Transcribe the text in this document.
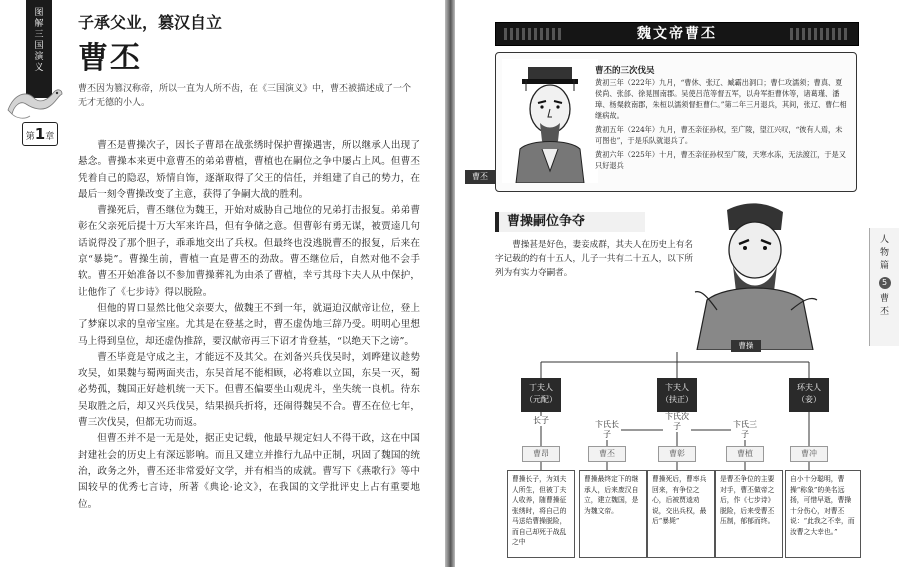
图
解
三
国
演
义
第1章
子承父业，篡汉自立
曹丕
曹丕因为篡汉称帝，所以一直为人所不齿，在《三国演义》中，曹丕被描述成了一个无才无德的小人。

曹丕是曹操次子，因长子曹昂在战张绣时保护曹操遇害，所以继承人出现了悬念。曹操本来更中意曹丕的弟弟曹植，曹植也在嗣位之争中屡占上风。但曹丕凭着自己的隐忍，矫情自饰，逐渐取得了父王的信任，并组建了自己的势力，在最后一刻令曹操改变了主意，获得了争嗣大战的胜利。

曹操死后，曹丕继位为魏王，开始对威胁自己地位的兄弟打击报复。弟弟曹彰在父亲死后提十万大军来许昌，但有争储之意。但曹彰有勇无谋，被贾逵几句话说得没了那个胆子，乖乖地交出了兵权。但最终也没逃脱曹丕的报复，后来在京“暴毙”。曹操生前，曹植一直是曹丕的劲敌。曹丕继位后，自然对他不会手软。曹丕开始准备以不参加曹操葬礼为由杀了曹植，幸亏其母卞夫人从中保护，让他作了《七步诗》得以脱险。

但他的胃口显然比他父亲要大，做魏王不到一年，就逼迫汉献帝让位，登上了梦寐以求的皇帝宝座。尤其是在登基之时，曹丕虚伪地三辞乃受。明明心里想马上得到皇位，却还虚伪推辞，要汉献帝再三下诏才肯登基，“以绝天下之谤”。

曹丕毕竟是守成之主，才能远不及其父。在刘备兴兵伐吴时，刘晔建议趁势攻吴，如果魏与蜀两面夹击，东吴首尾不能相顾，必将难以立国，东吴一灭，蜀必势孤，魏国正好趁机统一天下。但曹丕偏要坐山观虎斗，坐失统一良机。待东吴取胜之后，却又兴兵伐吴，结果损兵折将，还闹得魏吴不合。曹丕在位七年，曹三次伐吴，但都无功而返。

但曹丕并不是一无是处，据正史记载，他最早规定妇人不得干政，这在中国封建社会的历史上有深远影响。而且又建立并推行九品中正制，巩固了魏国的统治，政务之外，曹丕还非常爱好文学，并有相当的成就。曹写下《燕歌行》等中国较早的优秀七言诗，所著《典论·论文》，在我国的文学批评史上占有重要地位。

魏文帝曹丕
曹丕
曹丕的三次伐吴

黄初三年（222年）九月，“曹休、张辽、臧霸出洞口；曹仁攻濡须；曹真、夏侯尚、张郃、徐晃围南郡。吴使吕范等督五军，以舟军拒曹休等，诸葛瑾、潘璋、杨粲救南郡，朱桓以濡须督拒曹仁。”第二年三月退兵，其间，张辽、曹仁相继病故。

黄初五年（224年）九月，曹丕亲征孙权，至广陵，望江兴叹，“彼有人焉，未可图也”，于是乐队就退兵了。

黄初六年（225年）十月，曹丕亲征孙权至广陵，天寒水冻，无法渡江，于是又只好退兵

曹操嗣位争夺
曹操甚是好色，妻妾成群，其夫人在历史上有名字记载的约有十五人，儿子一共有二十五人，以下所列为有实力夺嗣者。
曹操
人
物
篇
5
曹
丕
丁夫人
（元配）
卞夫人
（扶正）
环夫人
（妾）
长子	卞氏长子
卞氏次子	卞氏三子
曹昂	曹丕	曹彰	曹植	曹冲
曹操长子，为刘夫人所生，但被丁夫人收养，随曹操征张绣时，将自己的马送给曹操脱险，而自己却死于战乱之中
曹操最终定下的继承人，后来废汉自立，建立魏国，是为魏文帝。
曹操死后，曹率兵回来，有争位之心，后被贾逵劝说，交出兵权，最后“暴毙”
是曹丕争位的主要对手，曹丕做帝之后，作《七步诗》脱险，后来受曹丕压制，郁郁而终。
自小十分聪明，曹操“称象”的美名远扬，可惜早逝，曹操十分伤心，对曹丕说：“此我之不幸，而汝曹之大幸也。”
